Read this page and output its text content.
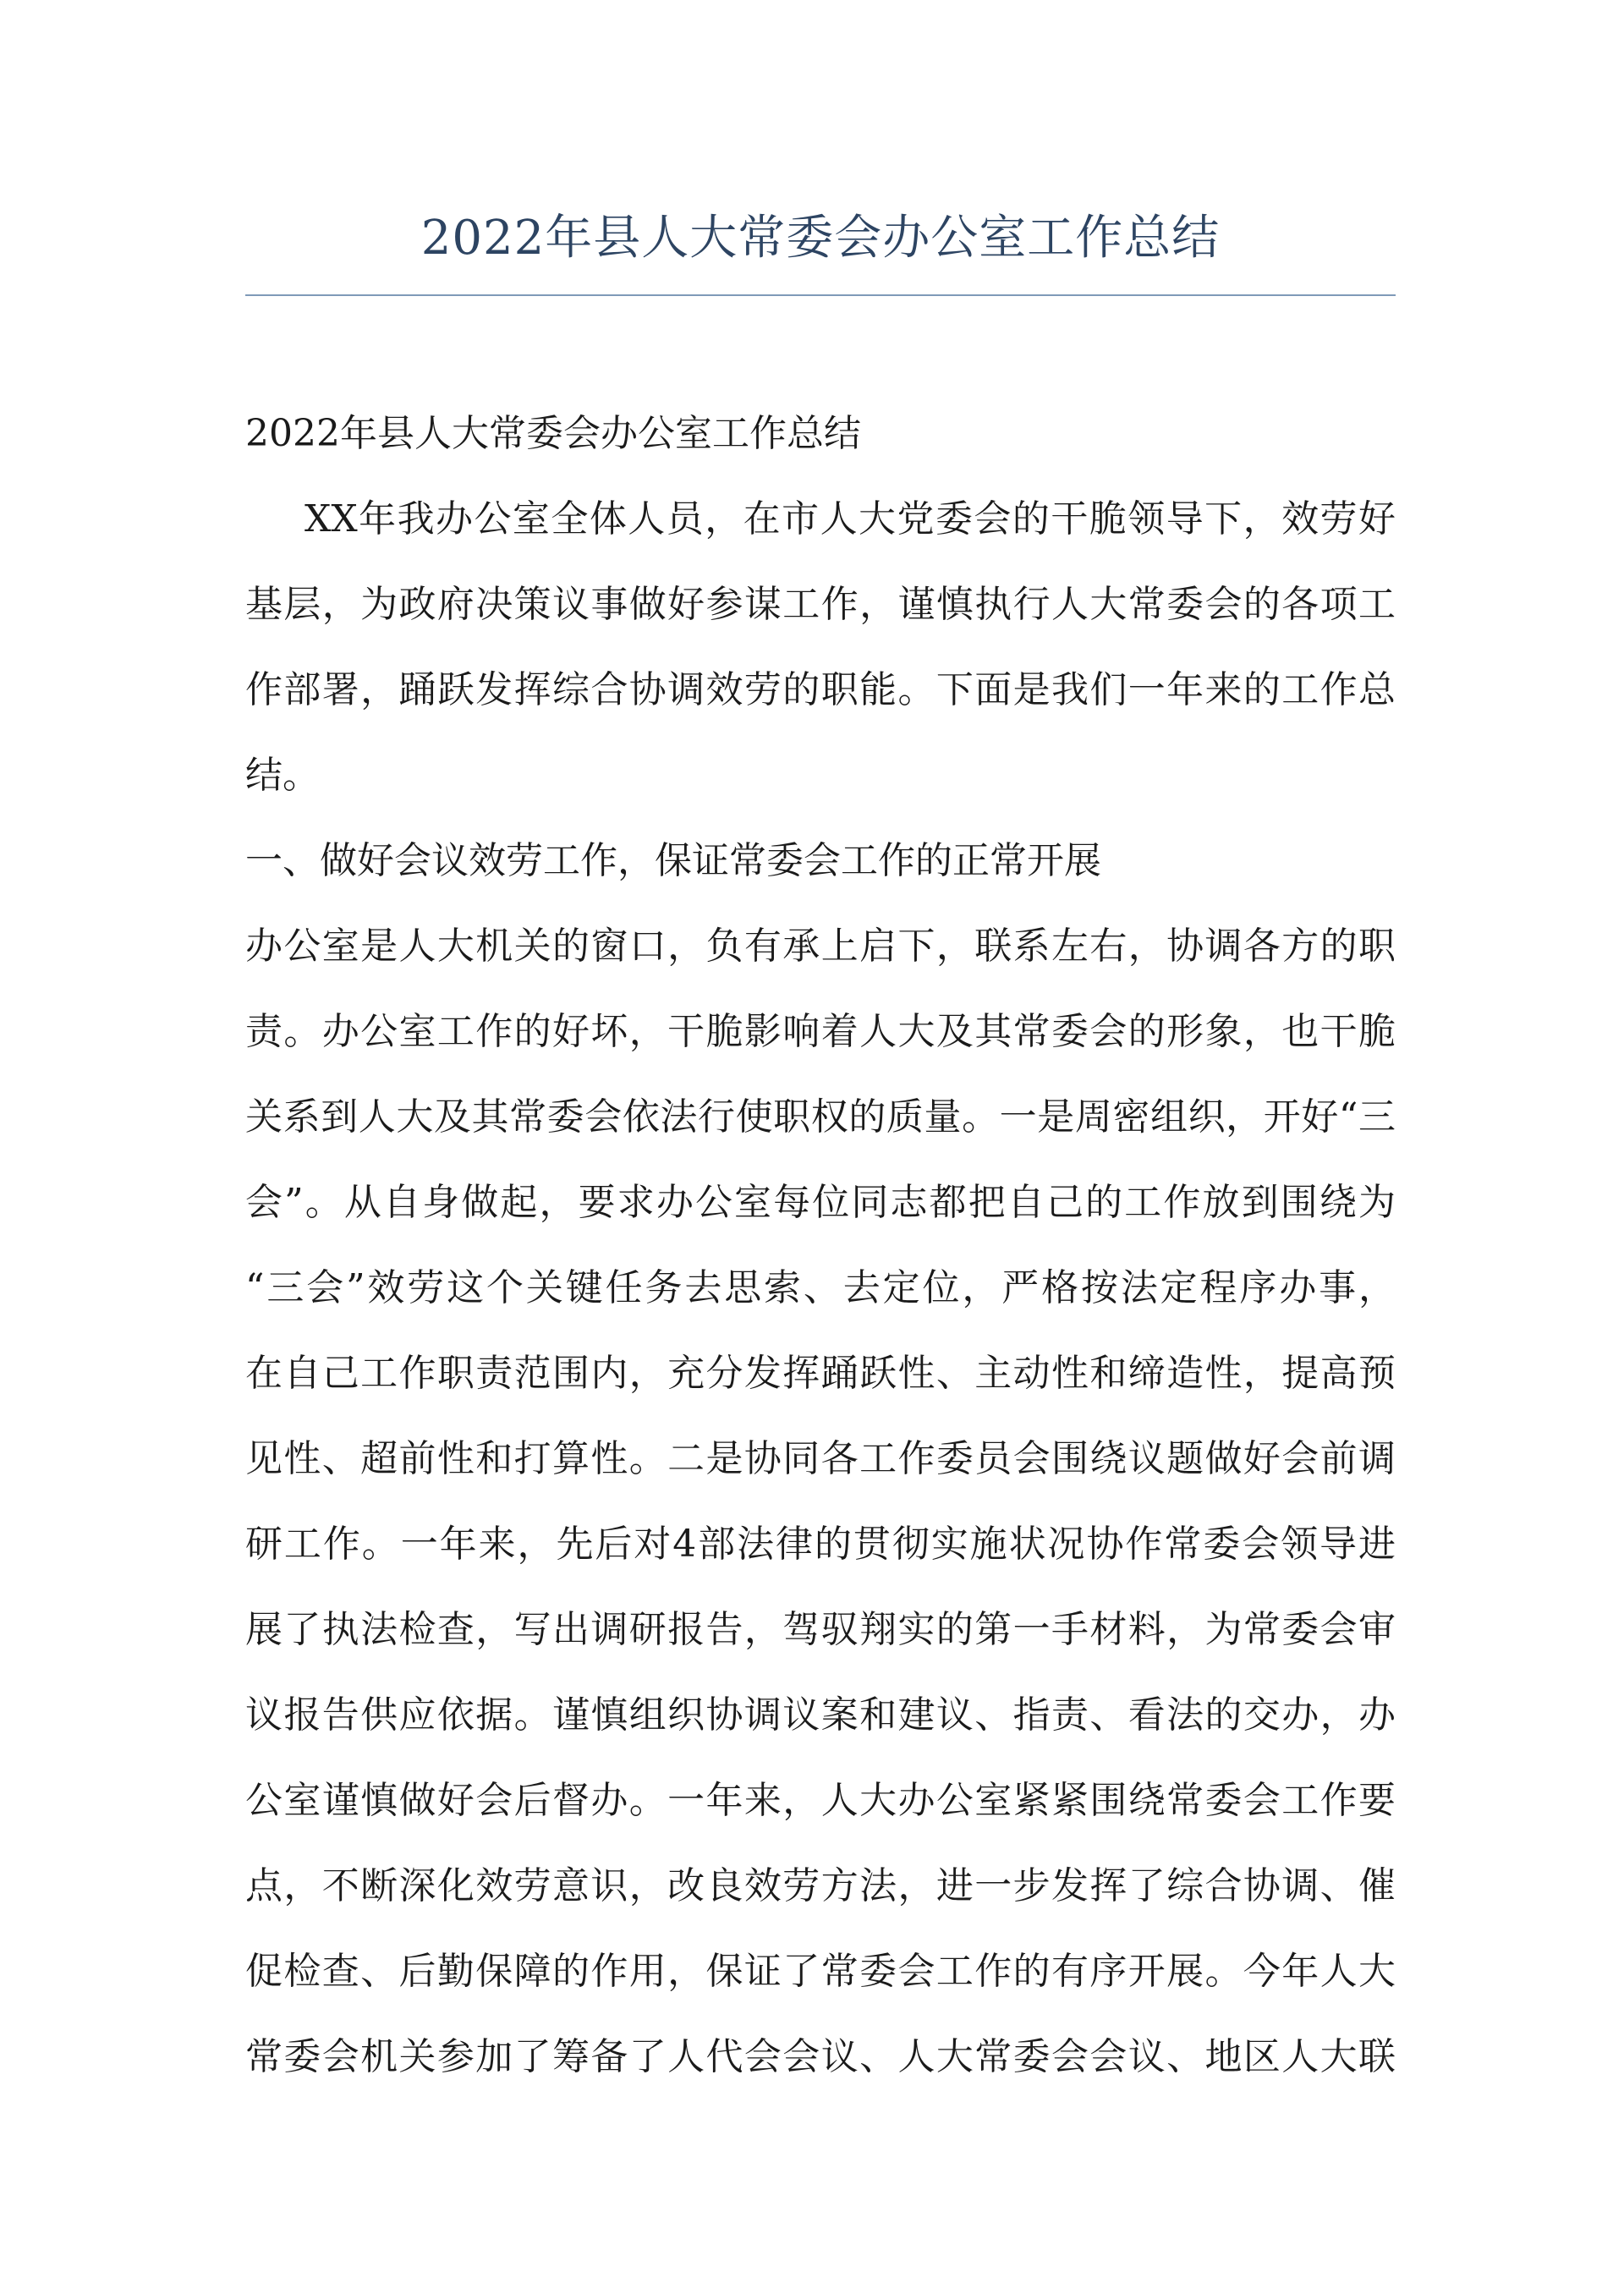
2022年县人大常委会办公室工作总结
2022年县人大常委会办公室工作总结
XX年我办公室全体人员，在市人大党委会的干脆领导下，效劳好
基层，为政府决策议事做好参谋工作，谨慎执行人大常委会的各项工
作部署，踊跃发挥综合协调效劳的职能。下面是我们一年来的工作总
结。
一、做好会议效劳工作，保证常委会工作的正常开展
办公室是人大机关的窗口，负有承上启下，联系左右，协调各方的职
责。办公室工作的好坏，干脆影响着人大及其常委会的形象，也干脆
关系到人大及其常委会依法行使职权的质量。一是周密组织，开好“三
会”。从自身做起，要求办公室每位同志都把自己的工作放到围绕为
“三会”效劳这个关键任务去思索、去定位，严格按法定程序办事，
在自己工作职责范围内，充分发挥踊跃性、主动性和缔造性，提高预
见性、超前性和打算性。二是协同各工作委员会围绕议题做好会前调
研工作。一年来，先后对4部法律的贯彻实施状况协作常委会领导进
展了执法检查，写出调研报告，驾驭翔实的第一手材料，为常委会审
议报告供应依据。谨慎组织协调议案和建议、指责、看法的交办，办
公室谨慎做好会后督办。一年来，人大办公室紧紧围绕常委会工作要
点，不断深化效劳意识，改良效劳方法，进一步发挥了综合协调、催
促检查、后勤保障的作用，保证了常委会工作的有序开展。今年人大
常委会机关参加了筹备了人代会会议、人大常委会会议、地区人大联
